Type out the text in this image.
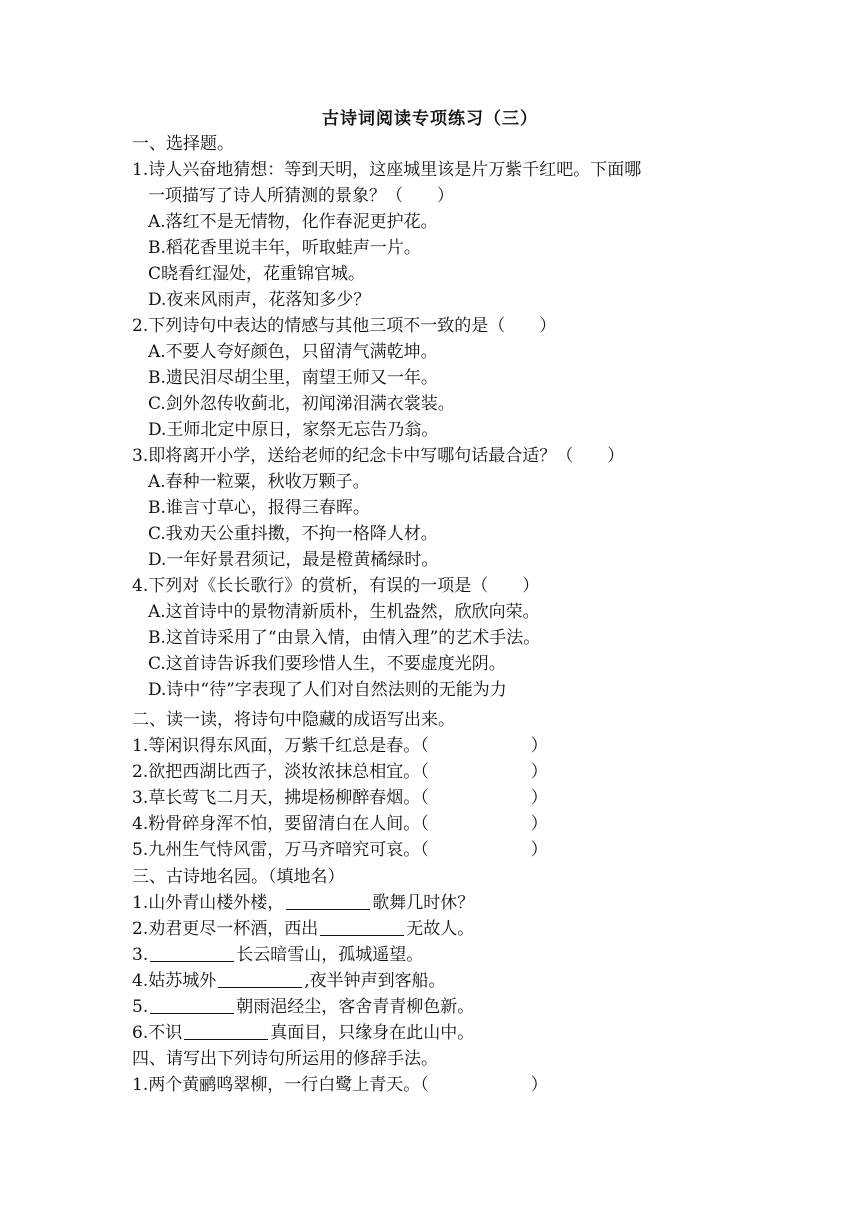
古诗词阅读专项练习（三）
一、选择题。
1.诗人兴奋地猜想：等到天明，这座城里该是片万紫千红吧。下面哪
一项描写了诗人所猜测的景象？（　　）
A.落红不是无情物，化作春泥更护花。
B.稻花香里说丰年，听取蛙声一片。
C晓看红湿处，花重锦官城。
D.夜来风雨声，花落知多少？
2.下列诗句中表达的情感与其他三项不一致的是（　　）
A.不要人夸好颜色，只留清气满乾坤。
B.遗民泪尽胡尘里，南望王师又一年。
C.剑外忽传收蓟北，初闻涕泪满衣裳装。
D.王师北定中原日，家祭无忘告乃翁。
3.即将离开小学，送给老师的纪念卡中写哪句话最合适？（　　）
A.春种一粒粟，秋收万颗子。
B.谁言寸草心，报得三春晖。
C.我劝天公重抖擞，不拘一格降人材。
D.一年好景君须记，最是橙黄橘绿时。
4.下列对《长长歌行》的赏析，有误的一项是（　　）
A.这首诗中的景物清新质朴，生机盎然，欣欣向荣。
B.这首诗采用了“由景入情，由情入理”的艺术手法。
C.这首诗告诉我们要珍惜人生，不要虚度光阴。
D.诗中“待”字表现了人们对自然法则的无能为力
二、读一读，将诗句中隐藏的成语写出来。
1.等闲识得东风面，万紫千红总是春。（　　　　　　）
2.欲把西湖比西子，淡妆浓抹总相宜。（　　　　　　）
3.草长莺飞二月天，拂堤杨柳醉春烟。（　　　　　　）
4.粉骨碎身浑不怕，要留清白在人间。（　　　　　　）
5.九州生气恃风雷，万马齐喑究可哀。（　　　　　　）
三、古诗地名园。（填地名）
1.山外青山楼外楼，	歌舞几时休？
2.劝君更尽一杯酒，西出	无故人。
3.	长云暗雪山，孤城遥望。
4.姑苏城外	,夜半钟声到客船。
5.	朝雨浥经尘，客舍青青柳色新。
6.不识	真面目，只缘身在此山中。
四、请写出下列诗句所运用的修辞手法。
1.两个黄鹂鸣翠柳，一行白鹭上青天。（　　　　　　）
